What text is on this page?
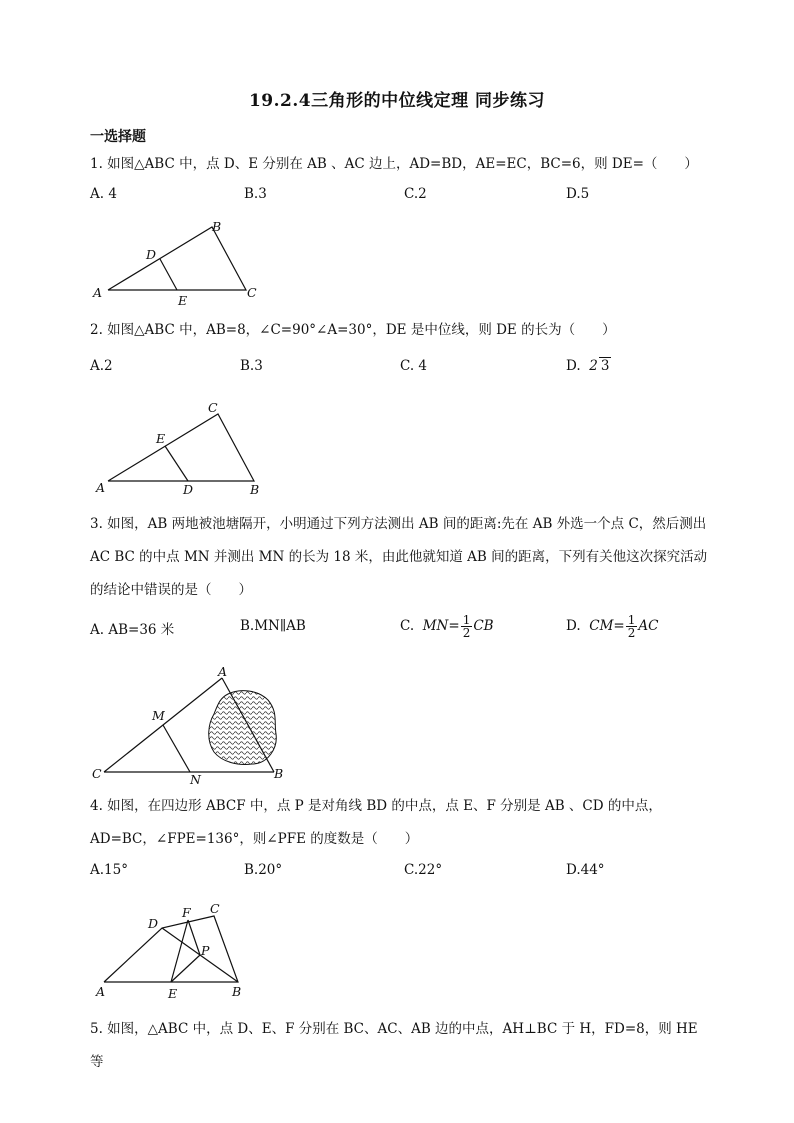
19.2.4三角形的中位线定理 同步练习
一选择题
1. 如图△ABC 中，点 D、E 分别在 AB 、AC 边上，AD=BD，AE=EC，BC=6，则 DE=（　　）
A. 4	B.3	C.2	D.5
A
B
C
D
E
2. 如图△ABC 中，AB=8，∠C=90°∠A=30°，DE 是中位线，则 DE 的长为（　　）
A.2	B.3	C. 4	D. 2 3
A	B
C
D
E
3. 如图，AB 两地被池塘隔开，小明通过下列方法测出 AB 间的距离:先在 AB 外选一个点 C，然后测出 AC BC 的中点 MN 并测出 MN 的长为 18 米，由此他就知道 AB 间的距离，下列有关他这次探究活动的结论中错误的是（　　）
A. AB=36 米	B.MN∥AB	C. $MN= \frac{1}{2}$ CB	D. $CM= \frac{1}{2}$ AC
C
A
B
M
N
4. 如图，在四边形 ABCF 中，点 P 是对角线 BD 的中点，点 E、F 分别是 AB 、CD 的中点，AD=BC，∠FPE=136°，则∠PFE 的度数是（　　）
A.15°	B.20°	C.22°	D.44°
A	B
C
D
E
F
P
5. 如图，△ABC 中，点 D、E、F 分别在 BC、AC、AB 边的中点，AH⊥BC 于 H，FD=8，则 HE 等
